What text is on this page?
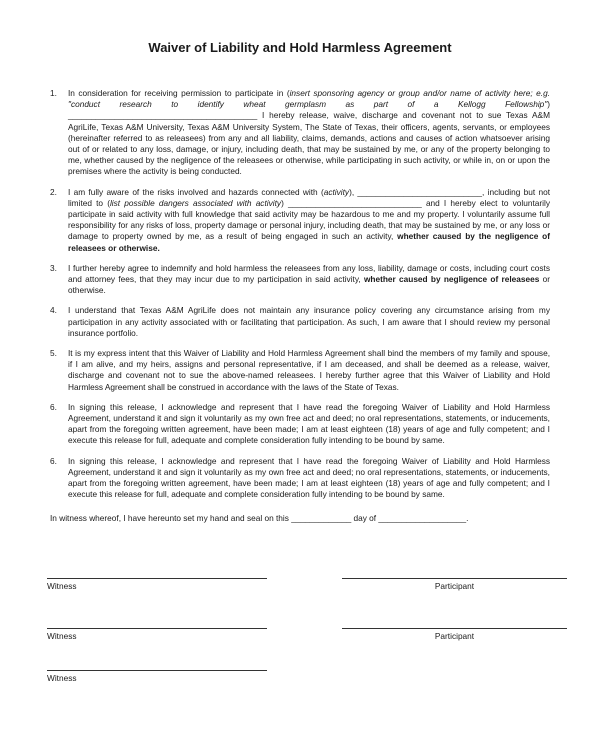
Waiver of Liability and Hold Harmless Agreement
1.	In consideration for receiving permission to participate in (insert sponsoring agency or group and/or name of activity here; e.g. "conduct research to identify wheat germplasm as part of a Kellogg Fellowship") _________________________________________ I hereby release, waive, discharge and covenant not to sue Texas A&M AgriLife, Texas A&M University, Texas A&M University System, The State of Texas, their officers, agents, servants, or employees (hereinafter referred to as releasees) from any and all liability, claims, demands, actions and causes of action whatsoever arising out of or related to any loss, damage, or injury, including death, that may be sustained by me, or any of the property belonging to me, whether caused by the negligence of the releasees or otherwise, while participating in such activity, or while in, on or upon the premises where the activity is being conducted.
2.	I am fully aware of the risks involved and hazards connected with (activity), ___________________________, including but not limited to (list possible dangers associated with activity) _____________________________ and I hereby elect to voluntarily participate in said activity with full knowledge that said activity may be hazardous to me and my property. I voluntarily assume full responsibility for any risks of loss, property damage or personal injury, including death, that may be sustained by me, or any loss or damage to property owned by me, as a result of being engaged in such an activity, whether caused by the negligence of releasees or otherwise.
3.	I further hereby agree to indemnify and hold harmless the releasees from any loss, liability, damage or costs, including court costs and attorney fees, that they may incur due to my participation in said activity, whether caused by negligence of releasees or otherwise.
4.	I understand that Texas A&M AgriLife does not maintain any insurance policy covering any circumstance arising from my participation in any activity associated with or facilitating that participation. As such, I am aware that I should review my personal insurance portfolio.
5.	It is my express intent that this Waiver of Liability and Hold Harmless Agreement shall bind the members of my family and spouse, if I am alive, and my heirs, assigns and personal representative, if I am deceased, and shall be deemed as a release, waiver, discharge and covenant not to sue the above-named releasees. I hereby further agree that this Waiver of Liability and Hold Harmless Agreement shall be construed in accordance with the laws of the State of Texas.
6.	In signing this release, I acknowledge and represent that I have read the foregoing Waiver of Liability and Hold Harmless Agreement, understand it and sign it voluntarily as my own free act and deed; no oral representations, statements, or inducements, apart from the foregoing written agreement, have been made; I am at least eighteen (18) years of age and fully competent; and I execute this release for full, adequate and complete consideration fully intending to be bound by same.
6.	In signing this release, I acknowledge and represent that I have read the foregoing Waiver of Liability and Hold Harmless Agreement, understand it and sign it voluntarily as my own free act and deed; no oral representations, statements, or inducements, apart from the foregoing written agreement, have been made; I am at least eighteen (18) years of age and fully competent; and I execute this release for full, adequate and complete consideration fully intending to be bound by same.

In witness whereof, I have hereunto set my hand and seal on this _____________ day of ___________________.

Witness	Participant
Witness	Participant
Witness
